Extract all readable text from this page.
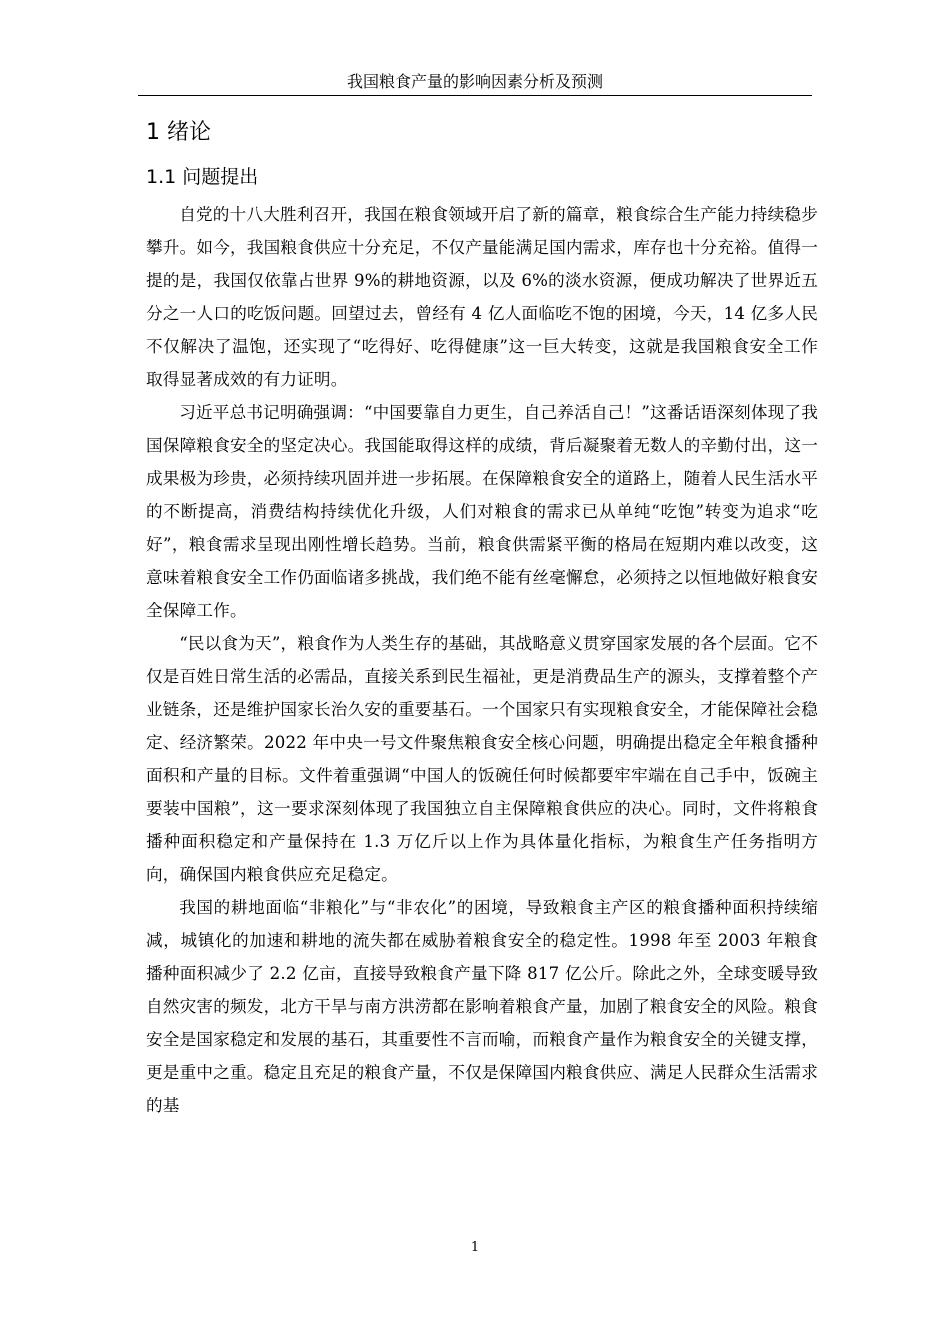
我国粮食产量的影响因素分析及预测
1 绪论
1.1 问题提出

自党的十八大胜利召开，我国在粮食领域开启了新的篇章，粮食综合生产能力持续稳步攀升。如今，我国粮食供应十分充足，不仅产量能满足国内需求，库存也十分充裕。值得一提的是，我国仅依靠占世界 9%的耕地资源，以及 6%的淡水资源，便成功解决了世界近五分之一人口的吃饭问题。回望过去，曾经有 4 亿人面临吃不饱的困境，今天，14 亿多人民不仅解决了温饱，还实现了“吃得好、吃得健康”这一巨大转变，这就是我国粮食安全工作取得显著成效的有力证明。

习近平总书记明确强调：“中国要靠自力更生，自己养活自己！”这番话语深刻体现了我国保障粮食安全的坚定决心。我国能取得这样的成绩，背后凝聚着无数人的辛勤付出，这一成果极为珍贵，必须持续巩固并进一步拓展。在保障粮食安全的道路上，随着人民生活水平的不断提高，消费结构持续优化升级，人们对粮食的需求已从单纯“吃饱”转变为追求“吃好”，粮食需求呈现出刚性增长趋势。当前，粮食供需紧平衡的格局在短期内难以改变，这意味着粮食安全工作仍面临诸多挑战，我们绝不能有丝毫懈怠，必须持之以恒地做好粮食安全保障工作。

“民以食为天”，粮食作为人类生存的基础，其战略意义贯穿国家发展的各个层面。它不仅是百姓日常生活的必需品，直接关系到民生福祉，更是消费品生产的源头，支撑着整个产业链条，还是维护国家长治久安的重要基石。一个国家只有实现粮食安全，才能保障社会稳定、经济繁荣。2022 年中央一号文件聚焦粮食安全核心问题，明确提出稳定全年粮食播种面积和产量的目标。文件着重强调“中国人的饭碗任何时候都要牢牢端在自己手中，饭碗主要装中国粮”，这一要求深刻体现了我国独立自主保障粮食供应的决心。同时，文件将粮食播种面积稳定和产量保持在 1.3 万亿斤以上作为具体量化指标，为粮食生产任务指明方向，确保国内粮食供应充足稳定。

我国的耕地面临“非粮化”与“非农化”的困境，导致粮食主产区的粮食播种面积持续缩减，城镇化的加速和耕地的流失都在威胁着粮食安全的稳定性。1998 年至 2003 年粮食播种面积减少了 2.2 亿亩，直接导致粮食产量下降 817 亿公斤。除此之外，全球变暖导致自然灾害的频发，北方干旱与南方洪涝都在影响着粮食产量，加剧了粮食安全的风险。粮食安全是国家稳定和发展的基石，其重要性不言而喻，而粮食产量作为粮食安全的关键支撑，更是重中之重。稳定且充足的粮食产量，不仅是保障国内粮食供应、满足人民群众生活需求的基

1
